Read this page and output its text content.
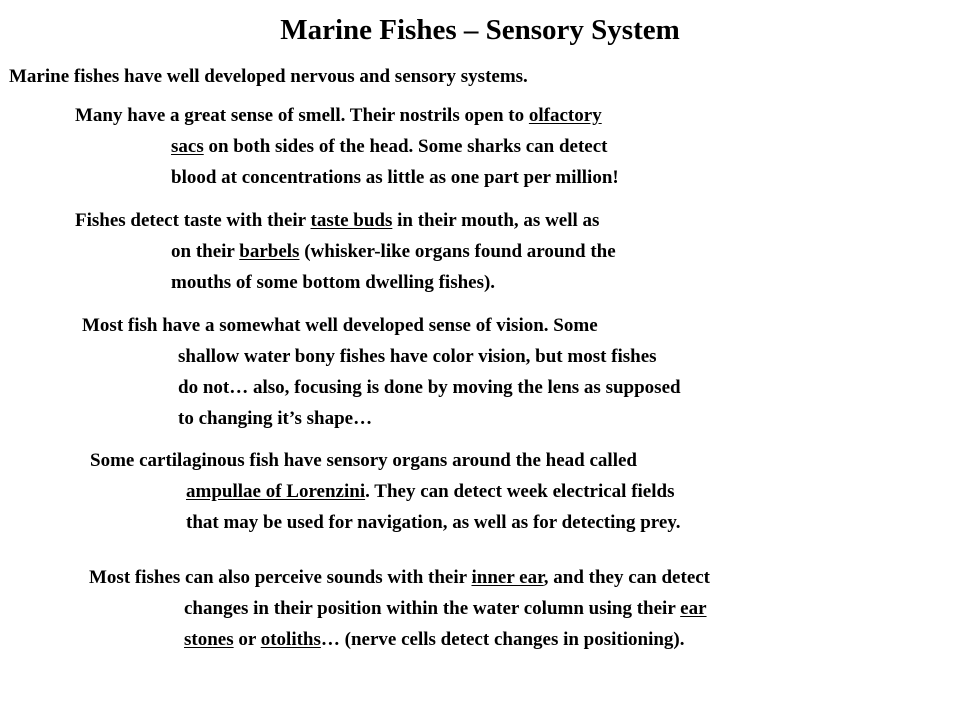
Marine Fishes – Sensory System
Marine fishes have well developed nervous and sensory systems.
Many have a great sense of smell. Their nostrils open to olfactory
sacs on both sides of the head. Some sharks can detect
blood at concentrations as little as one part per million!
Fishes detect taste with their taste buds in their mouth, as well as
on their barbels (whisker-like organs found around the
mouths of some bottom dwelling fishes).
Most fish have a somewhat well developed sense of vision. Some
shallow water bony fishes have color vision, but most fishes
do not… also, focusing is done by moving the lens as supposed
to changing it’s shape…
Some cartilaginous fish have sensory organs around the head called
ampullae of Lorenzini. They can detect week electrical fields
that may be used for navigation, as well as for detecting prey.
Most fishes can also perceive sounds with their inner ear, and they can detect
changes in their position within the water column using their ear
stones or otoliths… (nerve cells detect changes in positioning).
